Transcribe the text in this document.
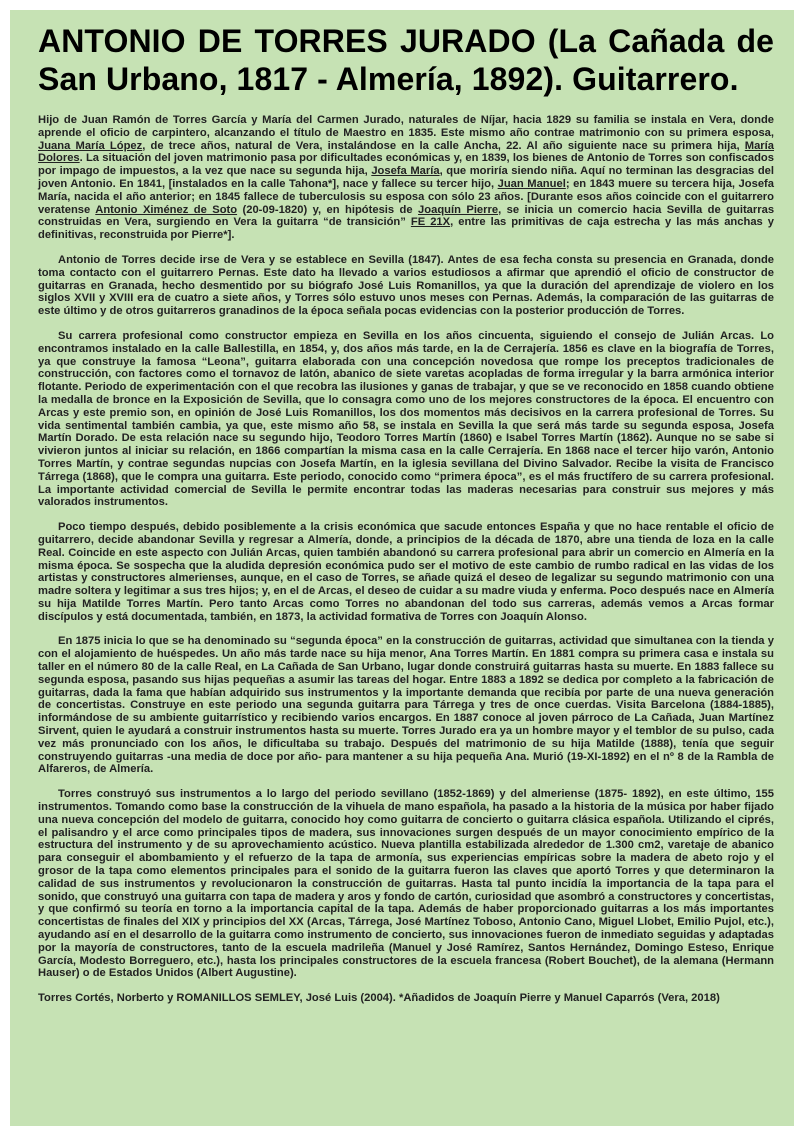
ANTONIO DE TORRES JURADO (La Cañada de San Urbano, 1817 - Almería, 1892). Guitarrero.

Hijo de Juan Ramón de Torres García y María del Carmen Jurado, naturales de Níjar, hacia 1829 su familia se instala en Vera, donde aprende el oficio de carpintero, alcanzando el título de Maestro en 1835. Este mismo año contrae matrimonio con su primera esposa, Juana María López, de trece años, natural de Vera, instalándose en la calle Ancha, 22. Al año siguiente nace su primera hija, María Dolores. La situación del joven matrimonio pasa por dificultades económicas y, en 1839, los bienes de Antonio de Torres son confiscados por impago de impuestos, a la vez que nace su segunda hija, Josefa María, que moriría siendo niña. Aquí no terminan las desgracias del joven Antonio. En 1841, [instalados en la calle Tahona*], nace y fallece su tercer hijo, Juan Manuel; en 1843 muere su tercera hija, Josefa María, nacida el año anterior; en 1845 fallece de tuberculosis su esposa con sólo 23 años. [Durante esos años coincide con el guitarrero veratense Antonio Ximénez de Soto (20-09-1820) y, en hipótesis de Joaquín Pierre, se inicia un comercio hacia Sevilla de guitarras construidas en Vera, surgiendo en Vera la guitarra “de transición” FE 21X, entre las primitivas de caja estrecha y las más anchas y definitivas, reconstruida por Pierre*].

Antonio de Torres decide irse de Vera y se establece en Sevilla (1847). Antes de esa fecha consta su presencia en Granada, donde toma contacto con el guitarrero Pernas. Este dato ha llevado a varios estudiosos a afirmar que aprendió el oficio de constructor de guitarras en Granada, hecho desmentido por su biógrafo José Luis Romanillos, ya que la duración del aprendizaje de violero en los siglos XVII y XVIII era de cuatro a siete años, y Torres sólo estuvo unos meses con Pernas. Además, la comparación de las guitarras de este último y de otros guitarreros granadinos de la época señala pocas evidencias con la posterior producción de Torres.

Su carrera profesional como constructor empieza en Sevilla en los años cincuenta, siguiendo el consejo de Julián Arcas. Lo encontramos instalado en la calle Ballestilla, en 1854, y, dos años más tarde, en la de Cerrajería. 1856 es clave en la biografía de Torres, ya que construye la famosa “Leona”, guitarra elaborada con una concepción novedosa que rompe los preceptos tradicionales de construcción, con factores como el tornavoz de latón, abanico de siete varetas acopladas de forma irregular y la barra armónica interior flotante. Periodo de experimentación con el que recobra las ilusiones y ganas de trabajar, y que se ve reconocido en 1858 cuando obtiene la medalla de bronce en la Exposición de Sevilla, que lo consagra como uno de los mejores constructores de la época. El encuentro con Arcas y este premio son, en opinión de José Luis Romanillos, los dos momentos más decisivos en la carrera profesional de Torres. Su vida sentimental también cambia, ya que, este mismo año 58, se instala en Sevilla la que será más tarde su segunda esposa, Josefa Martín Dorado. De esta relación nace su segundo hijo, Teodoro Torres Martín (1860) e Isabel Torres Martín (1862). Aunque no se sabe si vivieron juntos al iniciar su relación, en 1866 compartían la misma casa en la calle Cerrajería. En 1868 nace el tercer hijo varón, Antonio Torres Martín, y contrae segundas nupcias con Josefa Martín, en la iglesia sevillana del Divino Salvador. Recibe la visita de Francisco Tárrega (1868), que le compra una guitarra. Este periodo, conocido como “primera época”, es el más fructífero de su carrera profesional. La importante actividad comercial de Sevilla le permite encontrar todas las maderas necesarias para construir sus mejores y más valorados instrumentos.

Poco tiempo después, debido posiblemente a la crisis económica que sacude entonces España y que no hace rentable el oficio de guitarrero, decide abandonar Sevilla y regresar a Almería, donde, a principios de la década de 1870, abre una tienda de loza en la calle Real. Coincide en este aspecto con Julián Arcas, quien también abandonó su carrera profesional para abrir un comercio en Almería en la misma época. Se sospecha que la aludida depresión económica pudo ser el motivo de este cambio de rumbo radical en las vidas de los artistas y constructores almerienses, aunque, en el caso de Torres, se añade quizá el deseo de legalizar su segundo matrimonio con una madre soltera y legitimar a sus tres hijos; y, en el de Arcas, el deseo de cuidar a su madre viuda y enferma. Poco después nace en Almería su hija Matilde Torres Martín. Pero tanto Arcas como Torres no abandonan del todo sus carreras, además vemos a Arcas formar discípulos y está documentada, también, en 1873, la actividad formativa de Torres con Joaquín Alonso.

En 1875 inicia lo que se ha denominado su “segunda época” en la construcción de guitarras, actividad que simultanea con la tienda y con el alojamiento de huéspedes. Un año más tarde nace su hija menor, Ana Torres Martín. En 1881 compra su primera casa e instala su taller en el número 80 de la calle Real, en La Cañada de San Urbano, lugar donde construirá guitarras hasta su muerte. En 1883 fallece su segunda esposa, pasando sus hijas pequeñas a asumir las tareas del hogar. Entre 1883 a 1892 se dedica por completo a la fabricación de guitarras, dada la fama que habían adquirido sus instrumentos y la importante demanda que recibía por parte de una nueva generación de concertistas. Construye en este periodo una segunda guitarra para Tárrega y tres de once cuerdas. Visita Barcelona (1884-1885), informándose de su ambiente guitarrístico y recibiendo varios encargos. En 1887 conoce al joven párroco de La Cañada, Juan Martínez Sirvent, quien le ayudará a construir instrumentos hasta su muerte. Torres Jurado era ya un hombre mayor y el temblor de su pulso, cada vez más pronunciado con los años, le dificultaba su trabajo. Después del matrimonio de su hija Matilde (1888), tenía que seguir construyendo guitarras -una media de doce por año- para mantener a su hija pequeña Ana. Murió (19-XI-1892) en el nº 8 de la Rambla de Alfareros, de Almería.

Torres construyó sus instrumentos a lo largo del periodo sevillano (1852-1869) y del almeriense (1875- 1892), en este último, 155 instrumentos. Tomando como base la construcción de la vihuela de mano española, ha pasado a la historia de la música por haber fijado una nueva concepción del modelo de guitarra, conocido hoy como guitarra de concierto o guitarra clásica española. Utilizando el ciprés, el palisandro y el arce como principales tipos de madera, sus innovaciones surgen después de un mayor conocimiento empírico de la estructura del instrumento y de su aprovechamiento acústico. Nueva plantilla estabilizada alrededor de 1.300 cm2, varetaje de abanico para conseguir el abombamiento y el refuerzo de la tapa de armonía, sus experiencias empíricas sobre la madera de abeto rojo y el grosor de la tapa como elementos principales para el sonido de la guitarra fueron las claves que aportó Torres y que determinaron la calidad de sus instrumentos y revolucionaron la construcción de guitarras. Hasta tal punto incidía la importancia de la tapa para el sonido, que construyó una guitarra con tapa de madera y aros y fondo de cartón, curiosidad que asombró a constructores y concertistas, y que confirmó su teoría en torno a la importancia capital de la tapa. Además de haber proporcionado guitarras a los más importantes concertistas de finales del XIX y principios del XX (Arcas, Tárrega, José Martínez Toboso, Antonio Cano, Miguel Llobet, Emilio Pujol, etc.), ayudando así en el desarrollo de la guitarra como instrumento de concierto, sus innovaciones fueron de inmediato seguidas y adaptadas por la mayoría de constructores, tanto de la escuela madrileña (Manuel y José Ramírez, Santos Hernández, Domingo Esteso, Enrique García, Modesto Borreguero, etc.), hasta los principales constructores de la escuela francesa (Robert Bouchet), de la alemana (Hermann Hauser) o de Estados Unidos (Albert Augustine).

Torres Cortés, Norberto y ROMANILLOS SEMLEY, José Luis (2004). *Añadidos de Joaquín Pierre y Manuel Caparrós (Vera, 2018)
